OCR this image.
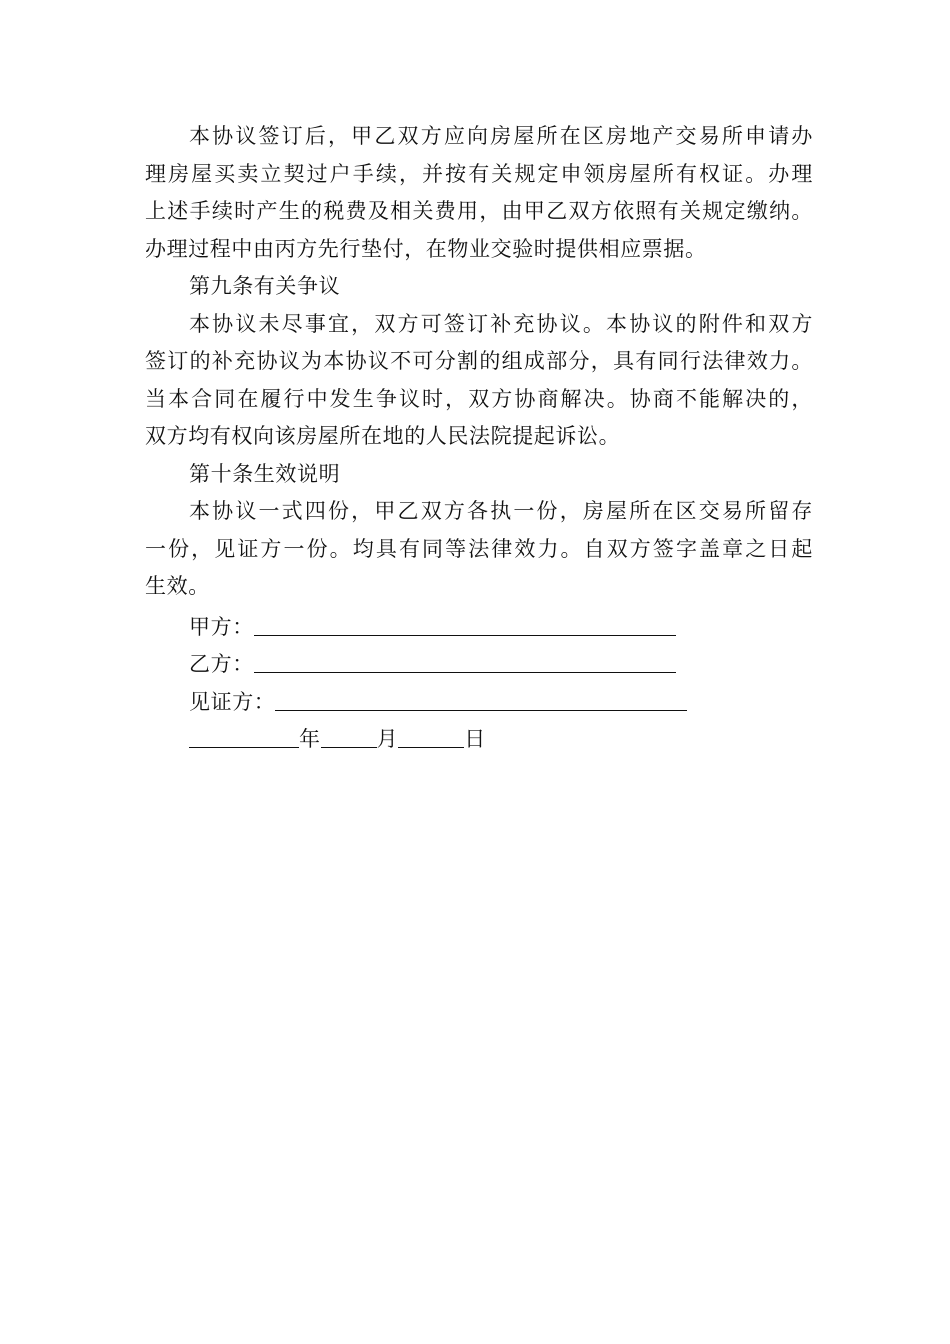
本协议签订后，甲乙双方应向房屋所在区房地产交易所申请办
理房屋买卖立契过户手续，并按有关规定申领房屋所有权证。办理
上述手续时产生的税费及相关费用，由甲乙双方依照有关规定缴纳。
办理过程中由丙方先行垫付，在物业交验时提供相应票据。
第九条有关争议
本协议未尽事宜，双方可签订补充协议。本协议的附件和双方
签订的补充协议为本协议不可分割的组成部分，具有同行法律效力。
当本合同在履行中发生争议时，双方协商解决。协商不能解决的，
双方均有权向该房屋所在地的人民法院提起诉讼。
第十条生效说明
本协议一式四份，甲乙双方各执一份，房屋所在区交易所留存
一份，见证方一份。均具有同等法律效力。自双方签字盖章之日起
生效。
甲方：
乙方：
见证方：
年	月	日
